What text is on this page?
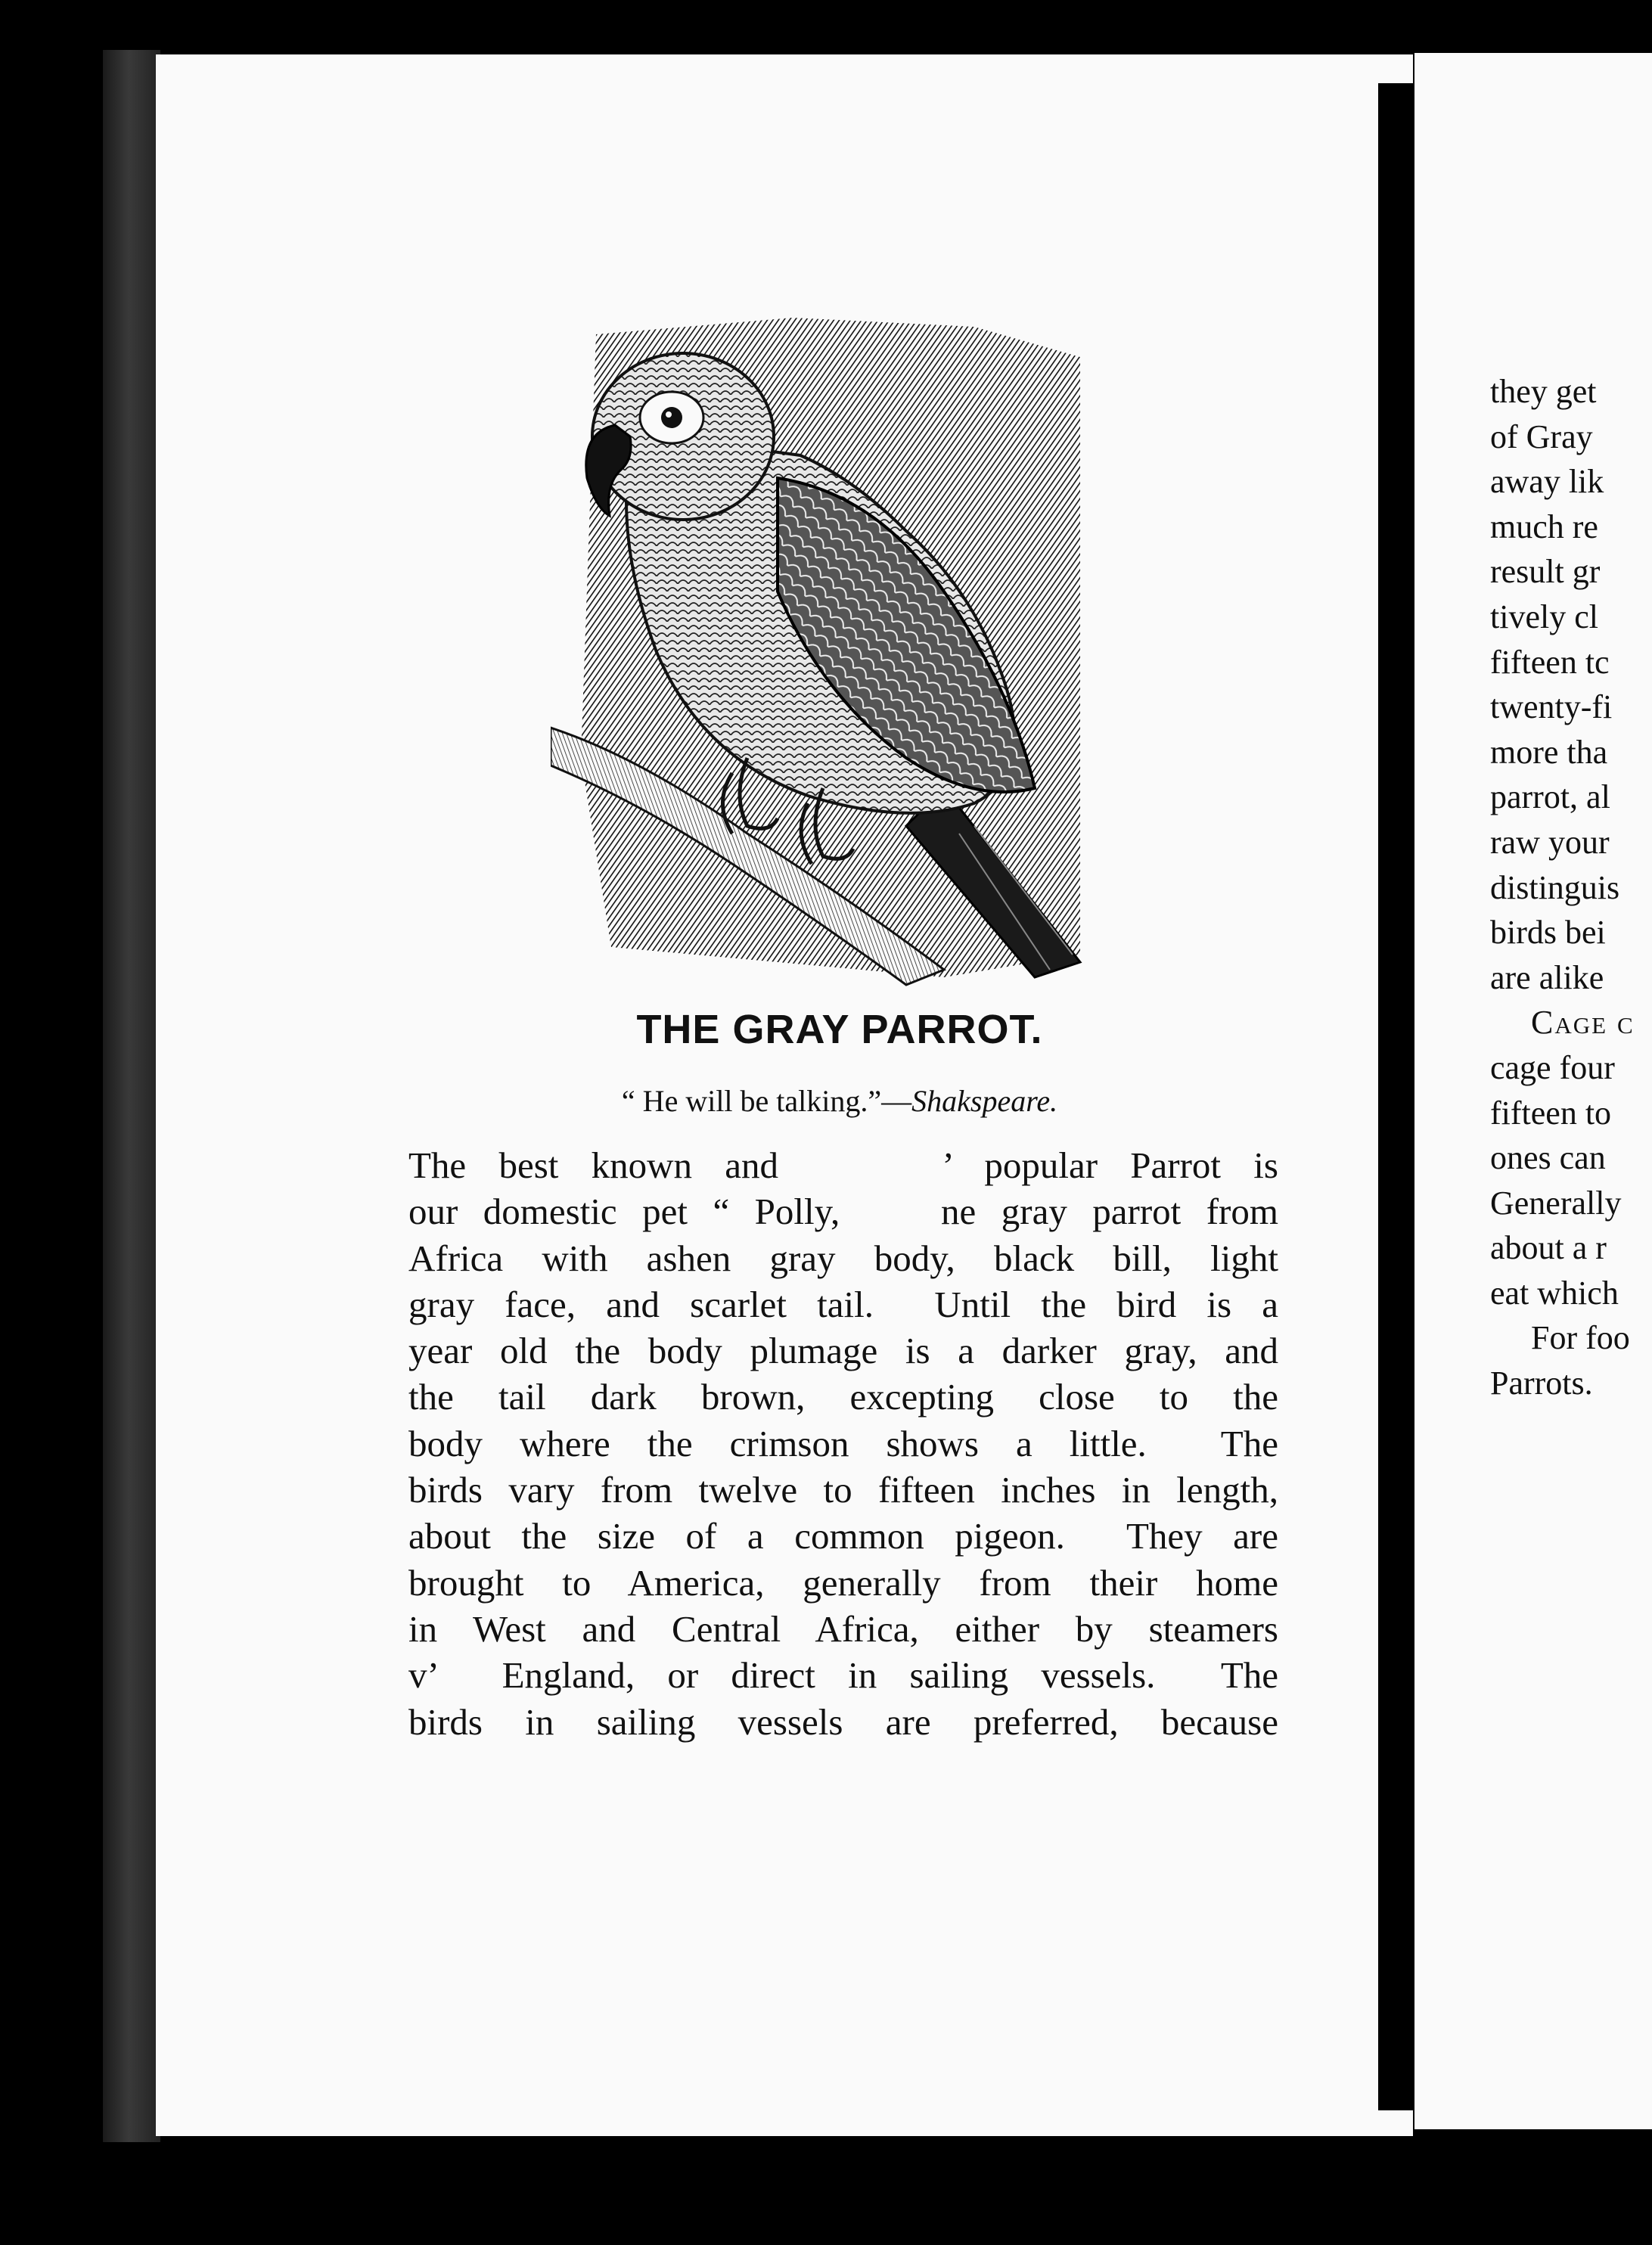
THE GRAY PARROT.
“ He will be talking.”—Shakspeare.
The best known and     ’ popular Parrot is
our domestic pet “ Polly,    ne gray parrot from
Africa with ashen gray body, black bill, light
gray face, and scarlet tail.  Until the bird is a
year old the body plumage is a darker gray, and
the tail dark brown, excepting close to the
body where the crimson shows a little.  The
birds vary from twelve to fifteen inches in length,
about the size of a common pigeon.  They are
brought to America, generally from their home
in West and Central Africa, either by steamers
v’  England, or direct in sailing vessels.  The
birds in sailing vessels are preferred, because
they get
of Gray
away lik
much re
result gr
tively cl
fifteen tc
twenty-fi
more tha
parrot, al
raw your
distinguis
birds bei
are alike
Cage c
cage four
fifteen to
ones can
Generally
about a r
eat which
For foo
Parrots.
